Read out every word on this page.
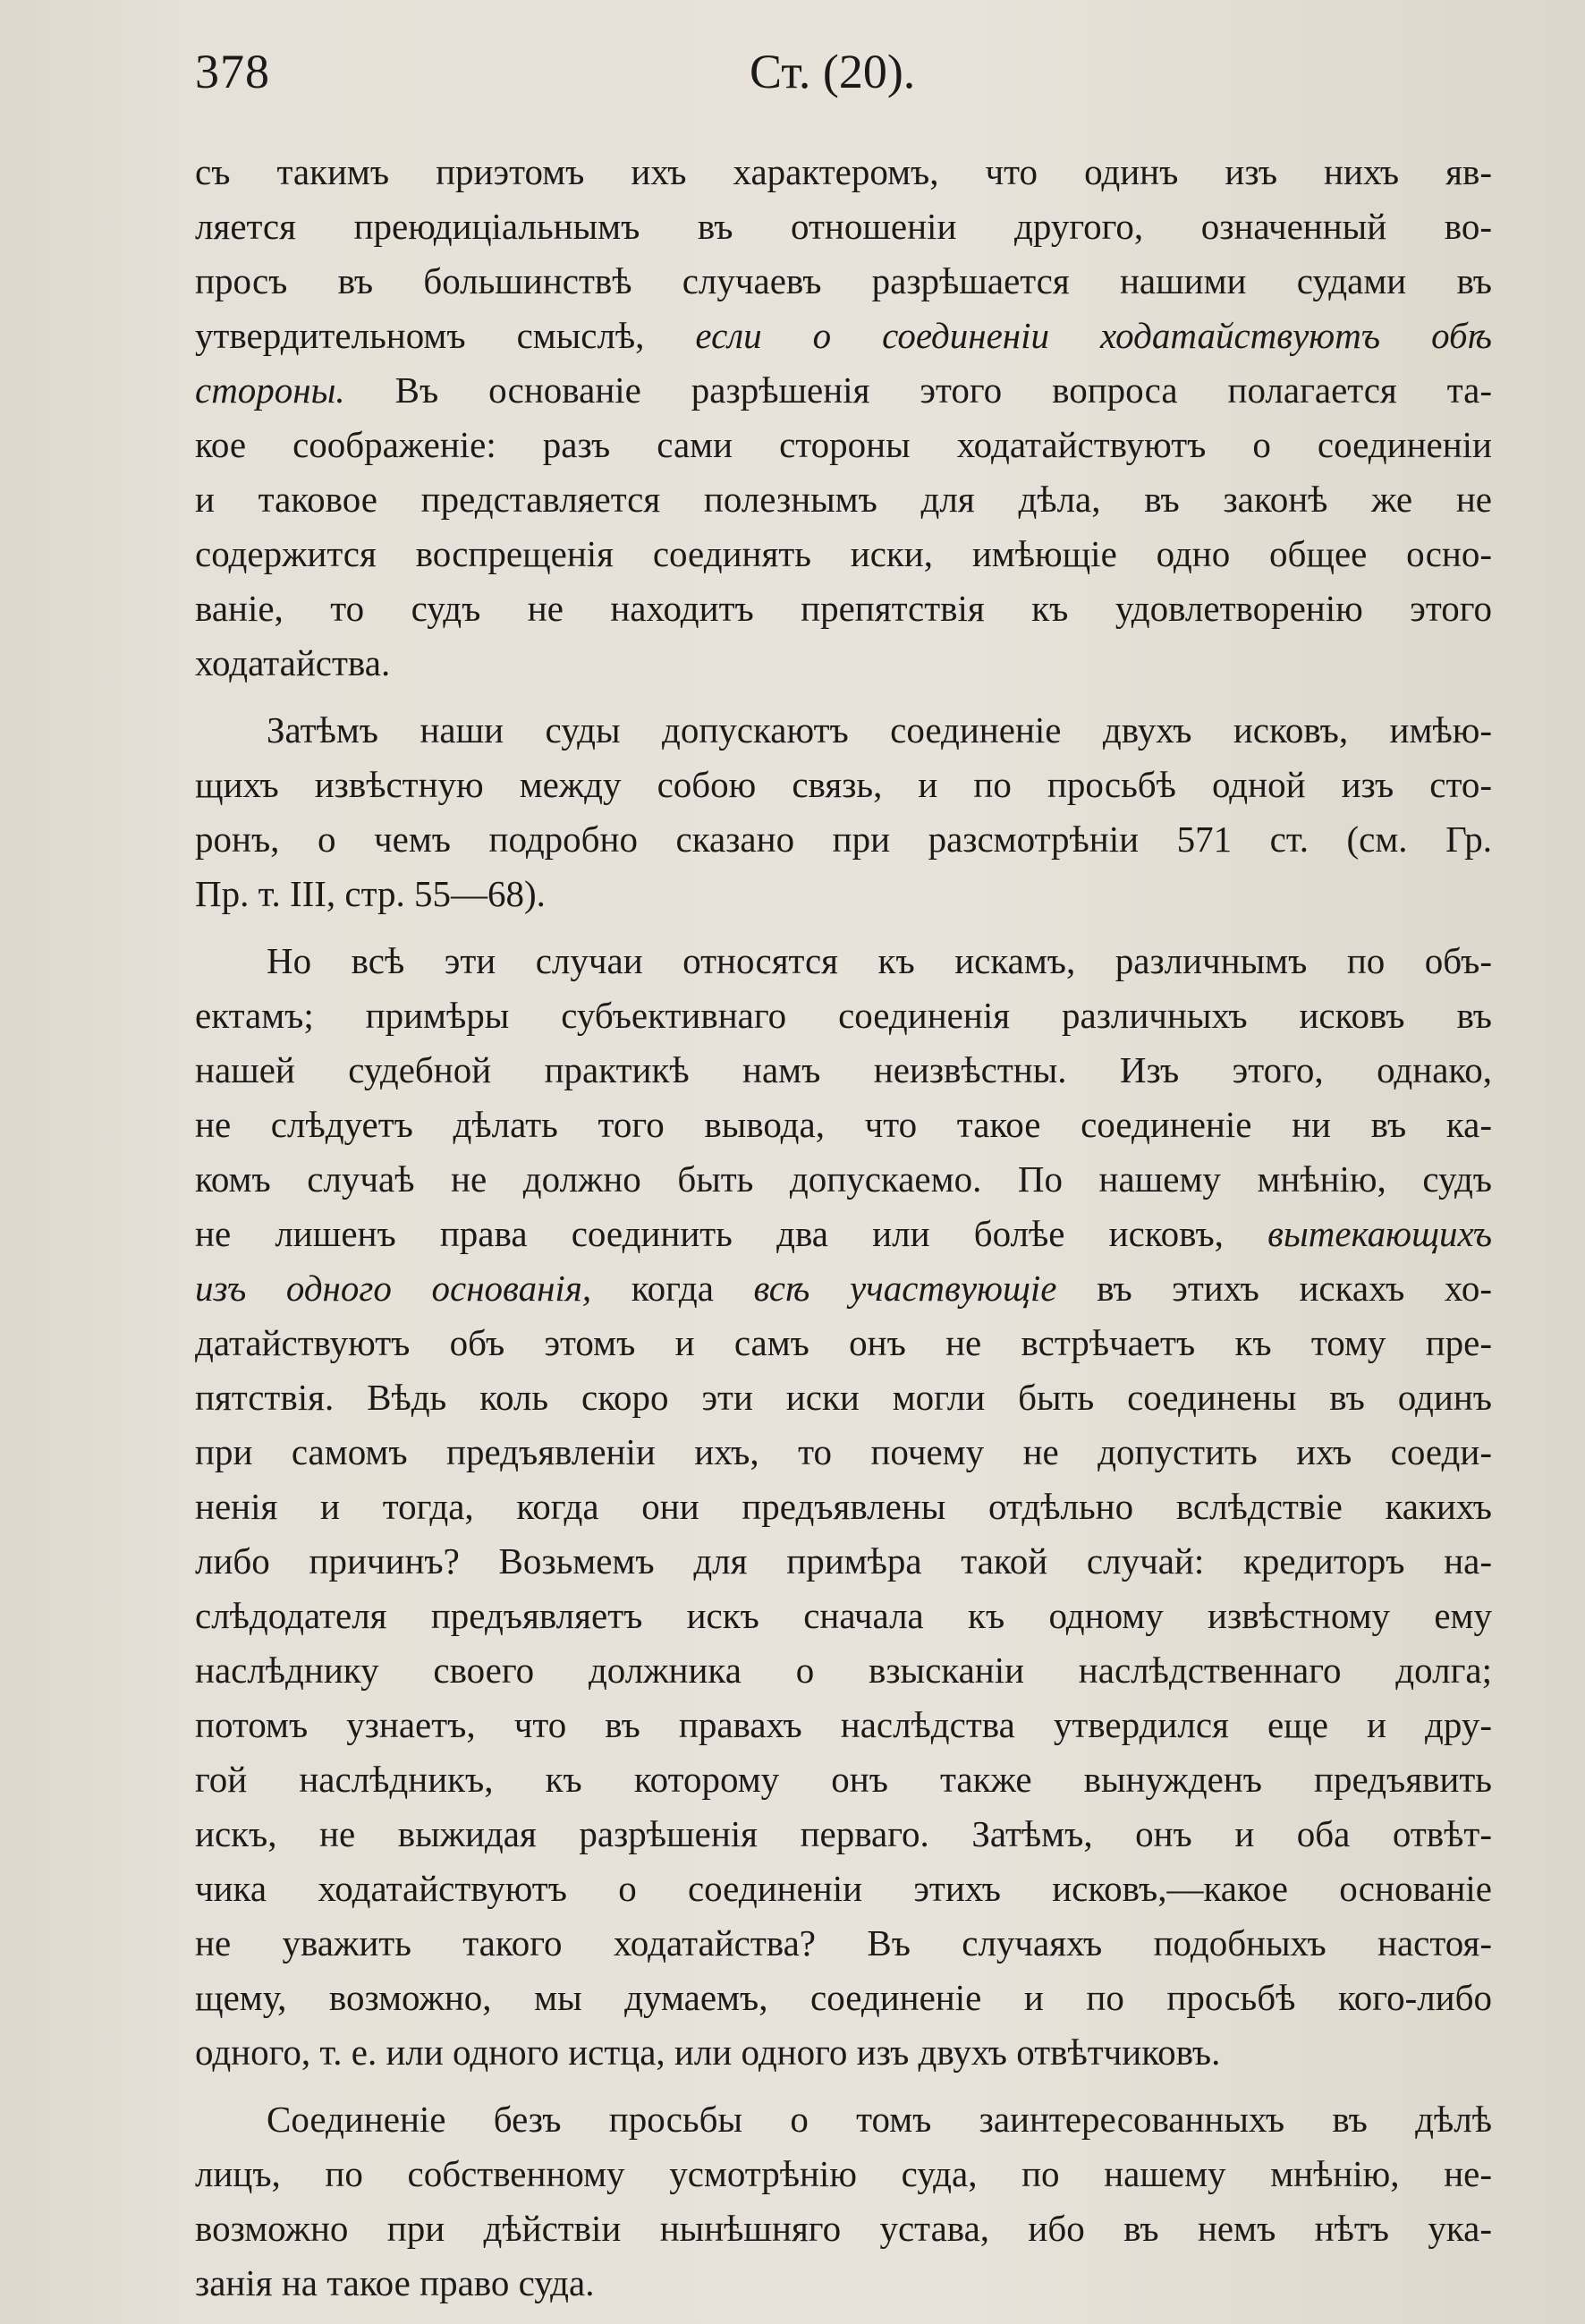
378	Ст. (20).
съ такимъ приэтомъ ихъ характеромъ, что одинъ изъ нихъ яв-
ляется преюдиціальнымъ въ отношеніи другого, означенный во-
просъ въ большинствѣ случаевъ разрѣшается нашими судами въ
утвердительномъ смыслѣ, если о соединеніи ходатайствуютъ обѣ
стороны. Въ основаніе разрѣшенія этого вопроса полагается та-
кое соображеніе: разъ сами стороны ходатайствуютъ о соединеніи
и таковое представляется полезнымъ для дѣла, въ законѣ же не
содержится воспрещенія соединять иски, имѣющіе одно общее осно-
ваніе, то судъ не находитъ препятствія къ удовлетворенію этого
ходатайства.
Затѣмъ наши суды допускаютъ соединеніе двухъ исковъ, имѣю-
щихъ извѣстную между собою связь, и по просьбѣ одной изъ сто-
ронъ, о чемъ подробно сказано при разсмотрѣніи 571 ст. (см. Гр.
Пр. т. III, стр. 55—68).
Но всѣ эти случаи относятся къ искамъ, различнымъ по объ-
ектамъ; примѣры субъективнаго соединенія различныхъ исковъ въ
нашей судебной практикѣ намъ неизвѣстны. Изъ этого, однако,
не слѣдуетъ дѣлать того вывода, что такое соединеніе ни въ ка-
комъ случаѣ не должно быть допускаемо. По нашему мнѣнію, судъ
не лишенъ права соединить два или болѣе исковъ, вытекающихъ
изъ одного основанія, когда всѣ участвующіе въ этихъ искахъ хо-
датайствуютъ объ этомъ и самъ онъ не встрѣчаетъ къ тому пре-
пятствія. Вѣдь коль скоро эти иски могли быть соединены въ одинъ
при самомъ предъявленіи ихъ, то почему не допустить ихъ соеди-
ненія и тогда, когда они предъявлены отдѣльно вслѣдствіе какихъ
либо причинъ? Возьмемъ для примѣра такой случай: кредиторъ на-
слѣдодателя предъявляетъ искъ сначала къ одному извѣстному ему
наслѣднику своего должника о взысканіи наслѣдственнаго долга;
потомъ узнаетъ, что въ правахъ наслѣдства утвердился еще и дру-
гой наслѣдникъ, къ которому онъ также вынужденъ предъявить
искъ, не выжидая разрѣшенія перваго. Затѣмъ, онъ и оба отвѣт-
чика ходатайствуютъ о соединеніи этихъ исковъ,—какое основаніе
не уважить такого ходатайства? Въ случаяхъ подобныхъ настоя-
щему, возможно, мы думаемъ, соединеніе и по просьбѣ кого-либо
одного, т. е. или одного истца, или одного изъ двухъ отвѣтчиковъ.
Соединеніе безъ просьбы о томъ заинтересованныхъ въ дѣлѣ
лицъ, по собственному усмотрѣнію суда, по нашему мнѣнію, не-
возможно при дѣйствіи нынѣшняго устава, ибо въ немъ нѣтъ ука-
занія на такое право суда.
